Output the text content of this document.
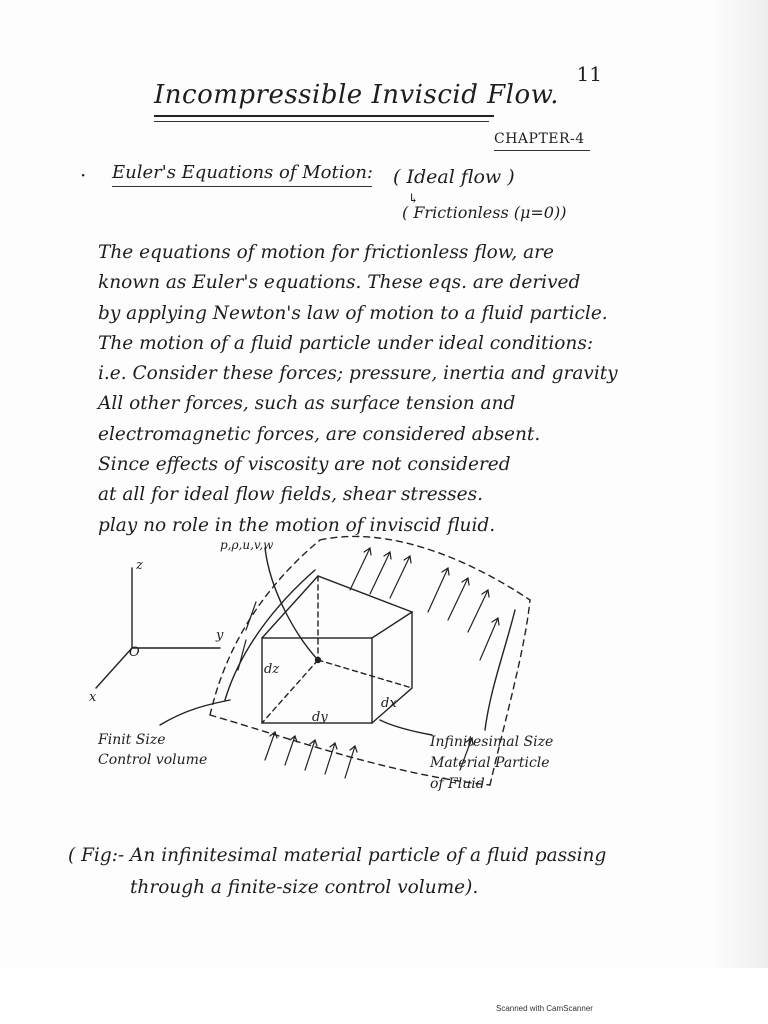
11
Incompressible Inviscid Flow.
CHAPTER-4
· Euler's Equations of Motion: ( Ideal flow )
↳
( Frictionless (μ=0))
The equations of motion for frictionless flow, are
known as Euler's equations. These eqs. are derived
by applying Newton's law of motion to a fluid particle.
The motion of a fluid particle under ideal conditions:
i.e. Consider these forces; pressure, inertia and gravity
All other forces, such as surface tension and
electromagnetic forces, are considered absent.
Since effects of viscosity are not considered
at all for ideal flow fields, shear stresses.
play no role in the motion of inviscid fluid.
p,ρ,u,v,w
z
y
O
x
dz
dy
dx
Finit Size Control volume
Infinitesimal Size Material Particle of Fluid
( Fig:- An infinitesimal material particle of a fluid passing
through a finite-size control volume).
Scanned with CamScanner
